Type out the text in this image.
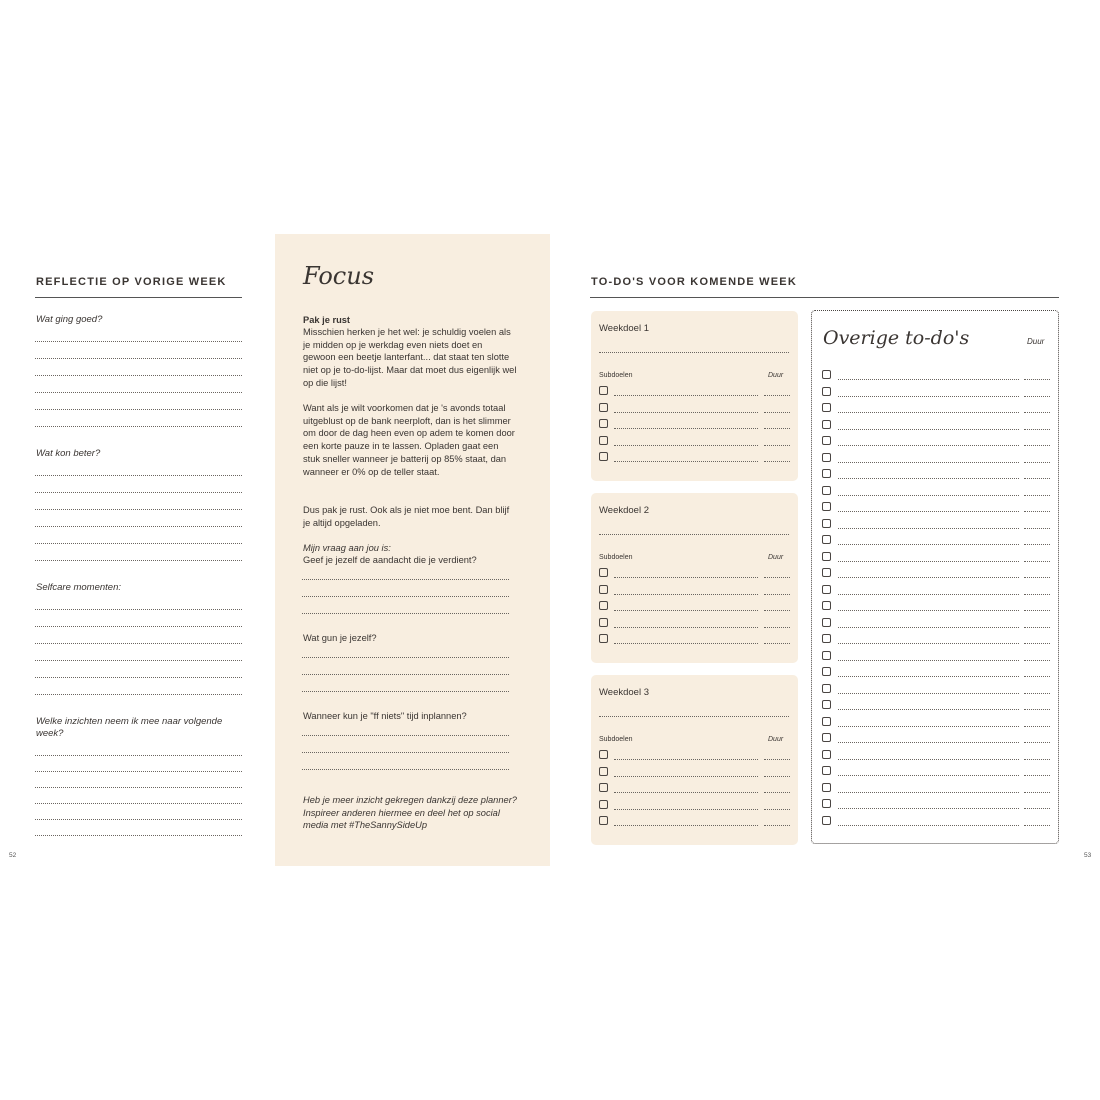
REFLECTIE OP VORIGE WEEK
Wat ging goed?
Wat kon beter?
Selfcare momenten:
Welke inzichten neem ik mee naar volgende week?
52
Focus
Pak je rust
Misschien herken je het wel: je schuldig voelen als je midden op je werkdag even niets doet en gewoon een beetje lanterfant... dat staat ten slotte niet op je to-do-lijst. Maar dat moet dus eigenlijk wel op die lijst!
Want als je wilt voorkomen dat je 's avonds totaal uitgeblust op de bank neerploft, dan is het slimmer om door de dag heen even op adem te komen door een korte pauze in te lassen. Opladen gaat een stuk sneller wanneer je batterij op 85% staat, dan wanneer er 0% op de teller staat.
Dus pak je rust. Ook als je niet moe bent. Dan blijf je altijd opgeladen.
Mijn vraag aan jou is:
Geef je jezelf de aandacht die je verdient?
Wat gun je jezelf?
Wanneer kun je "ff niets" tijd inplannen?
Heb je meer inzicht gekregen dankzij deze planner? Inspireer anderen hiermee en deel het op social media met #TheSannySideUp
TO-DO'S VOOR KOMENDE WEEK
Weekdoel 1
Subdoelen	Duur
Weekdoel 2
Subdoelen	Duur
Weekdoel 3
Subdoelen	Duur
Overige to-do's	Duur
53
